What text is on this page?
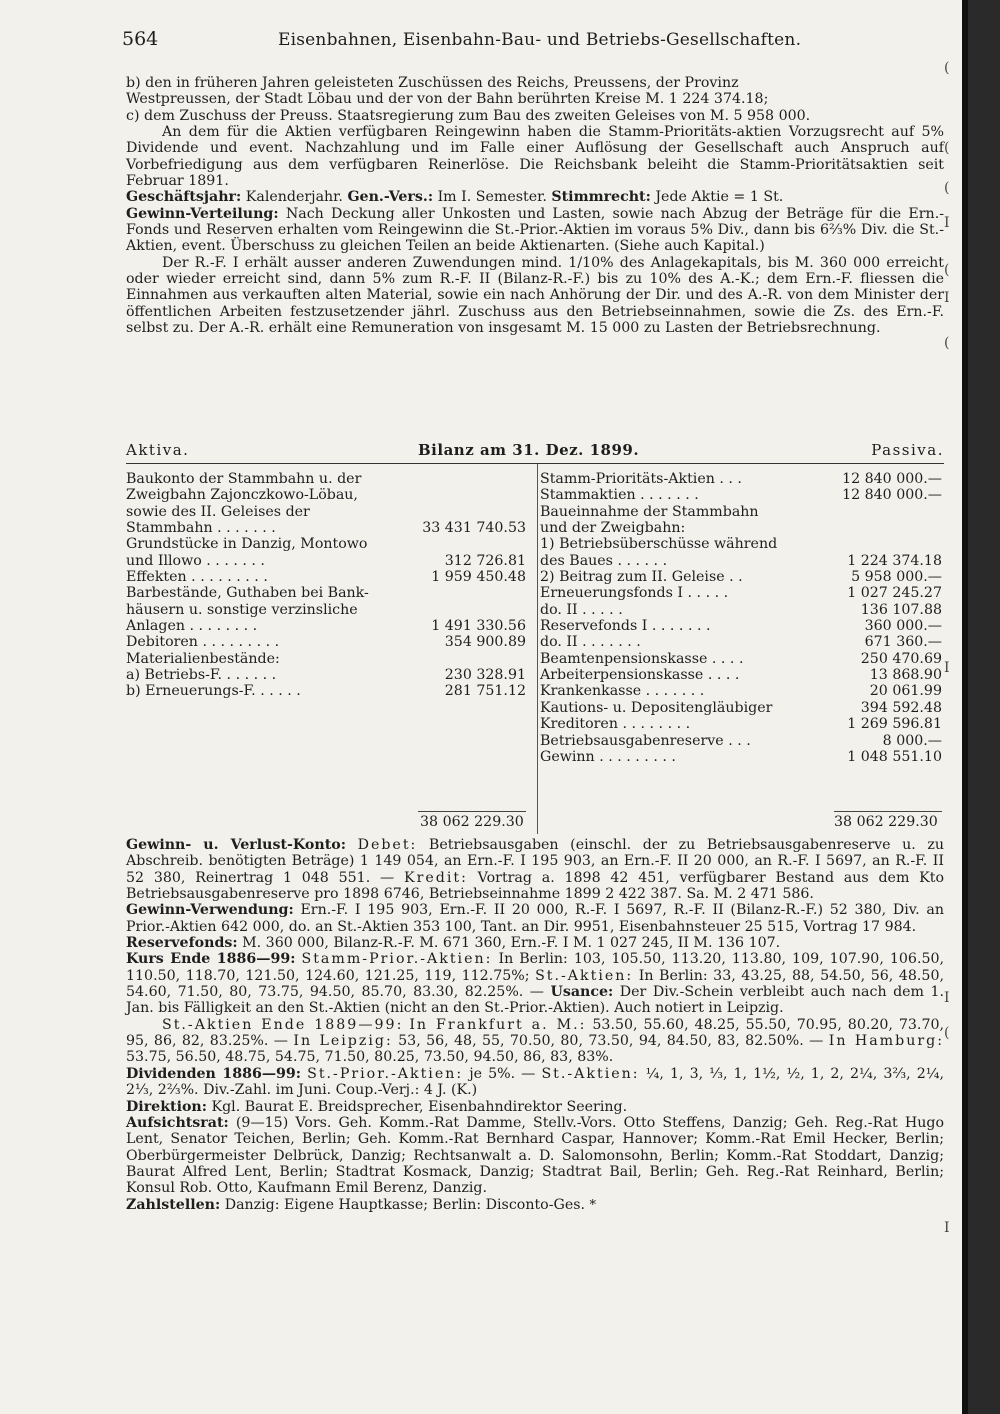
564	Eisenbahnen, Eisenbahn-Bau- und Betriebs-Gesellschaften.

b) den in früheren Jahren geleisteten Zuschüssen des Reichs, Preussens, der Provinz

Westpreussen, der Stadt Löbau und der von der Bahn berührten Kreise M. 1 224 374.18;

c) dem Zuschuss der Preuss. Staatsregierung zum Bau des zweiten Geleises von M. 5 958 000.

An dem für die Aktien verfügbaren Reingewinn haben die Stamm-Prioritäts-aktien Vorzugsrecht auf 5% Dividende und event. Nachzahlung und im Falle einer Auflösung der Gesellschaft auch Anspruch auf Vorbefriedigung aus dem verfügbaren Reinerlöse. Die Reichsbank beleiht die Stamm-Prioritätsaktien seit Februar 1891.

Geschäftsjahr: Kalenderjahr. Gen.-Vers.: Im I. Semester. Stimmrecht: Jede Aktie = 1 St.

Gewinn-Verteilung: Nach Deckung aller Unkosten und Lasten, sowie nach Abzug der Beträge für die Ern.-Fonds und Reserven erhalten vom Reingewinn die St.-Prior.-Aktien im voraus 5% Div., dann bis 6⅔% Div. die St.-Aktien, event. Überschuss zu gleichen Teilen an beide Aktienarten. (Siehe auch Kapital.)

Der R.-F. I erhält ausser anderen Zuwendungen mind. 1/10% des Anlagekapitals, bis M. 360 000 erreicht oder wieder erreicht sind, dann 5% zum R.-F. II (Bilanz-R.-F.) bis zu 10% des A.-K.; dem Ern.-F. fliessen die Einnahmen aus verkauften alten Material, sowie ein nach Anhörung der Dir. und des A.-R. von dem Minister der öffentlichen Arbeiten festzusetzender jährl. Zuschuss aus den Betriebseinnahmen, sowie die Zs. des Ern.-F. selbst zu. Der A.-R. erhält eine Remuneration von insgesamt M. 15 000 zu Lasten der Betriebsrechnung.

Aktiva.	Bilanz am 31. Dez. 1899.	Passiva.
Baukonto der Stammbahn u. der
Zweigbahn Zajonczkowo-Löbau,
sowie des II. Geleises der
Stammbahn . . . . . . .	33 431 740.53
Grundstücke in Danzig, Montowo
und Illowo . . . . . . .	312 726.81
Effekten . . . . . . . . .	1 959 450.48
Barbestände, Guthaben bei Bank-
häusern u. sonstige verzinsliche
Anlagen . . . . . . . .	1 491 330.56
Debitoren . . . . . . . . .	354 900.89
Materialienbestände:
a) Betriebs-F. . . . . . .	230 328.91
b) Erneuerungs-F. . . . . .	281 751.12
Stamm-Prioritäts-Aktien . . .	12 840 000.—
Stammaktien . . . . . . .	12 840 000.—
Baueinnahme der Stammbahn
und der Zweigbahn:
1) Betriebsüberschüsse während
des Baues . . . . . .	1 224 374.18
2) Beitrag zum II. Geleise . .	5 958 000.—
Erneuerungsfonds I . . . . .	1 027 245.27
do. II . . . . .	136 107.88
Reservefonds I . . . . . . .	360 000.—
do. II . . . . . . .	671 360.—
Beamtenpensionskasse . . . .	250 470.69
Arbeiterpensionskasse . . . .	13 868.90
Krankenkasse . . . . . . .	20 061.99
Kautions- u. Depositengläubiger	394 592.48
Kreditoren . . . . . . . .	1 269 596.81
Betriebsausgabenreserve . . .	8 000.—
Gewinn . . . . . . . . .	1 048 551.10
38 062 229.30	38 062 229.30

Gewinn- u. Verlust-Konto: Debet: Betriebsausgaben (einschl. der zu Betriebsausgabenreserve u. zu Abschreib. benötigten Beträge) 1 149 054, an Ern.-F. I 195 903, an Ern.-F. II 20 000, an R.-F. I 5697, an R.-F. II 52 380, Reinertrag 1 048 551. — Kredit: Vortrag a. 1898 42 451, verfügbarer Bestand aus dem Kto Betriebsausgabenreserve pro 1898 6746, Betriebseinnahme 1899 2 422 387. Sa. M. 2 471 586.

Gewinn-Verwendung: Ern.-F. I 195 903, Ern.-F. II 20 000, R.-F. I 5697, R.-F. II (Bilanz-R.-F.) 52 380, Div. an Prior.-Aktien 642 000, do. an St.-Aktien 353 100, Tant. an Dir. 9951, Eisenbahnsteuer 25 515, Vortrag 17 984.

Reservefonds: M. 360 000, Bilanz-R.-F. M. 671 360, Ern.-F. I M. 1 027 245, II M. 136 107.

Kurs Ende 1886—99: Stamm-Prior.-Aktien: In Berlin: 103, 105.50, 113.20, 113.80, 109, 107.90, 106.50, 110.50, 118.70, 121.50, 124.60, 121.25, 119, 112.75%; St.-Aktien: In Berlin: 33, 43.25, 88, 54.50, 56, 48.50, 54.60, 71.50, 80, 73.75, 94.50, 85.70, 83.30, 82.25%. — Usance: Der Div.-Schein verbleibt auch nach dem 1. Jan. bis Fälligkeit an den St.-Aktien (nicht an den St.-Prior.-Aktien). Auch notiert in Leipzig.

St.-Aktien Ende 1889—99: In Frankfurt a. M.: 53.50, 55.60, 48.25, 55.50, 70.95, 80.20, 73.70, 95, 86, 82, 83.25%. — In Leipzig: 53, 56, 48, 55, 70.50, 80, 73.50, 94, 84.50, 83, 82.50%. — In Hamburg: 53.75, 56.50, 48.75, 54.75, 71.50, 80.25, 73.50, 94.50, 86, 83, 83%.

Dividenden 1886—99: St.-Prior.-Aktien: je 5%. — St.-Aktien: ¼, 1, 3, ⅓, 1, 1½, ½, 1, 2, 2¼, 3⅔, 2¼, 2⅓, 2⅔%. Div.-Zahl. im Juni. Coup.-Verj.: 4 J. (K.)

Direktion: Kgl. Baurat E. Breidsprecher, Eisenbahndirektor Seering.

Aufsichtsrat: (9—15) Vors. Geh. Komm.-Rat Damme, Stellv.-Vors. Otto Steffens, Danzig; Geh. Reg.-Rat Hugo Lent, Senator Teichen, Berlin; Geh. Komm.-Rat Bernhard Caspar, Hannover; Komm.-Rat Emil Hecker, Berlin; Oberbürgermeister Delbrück, Danzig; Rechtsanwalt a. D. Salomonsohn, Berlin; Komm.-Rat Stoddart, Danzig; Baurat Alfred Lent, Berlin; Stadtrat Kosmack, Danzig; Stadtrat Bail, Berlin; Geh. Reg.-Rat Reinhard, Berlin; Konsul Rob. Otto, Kaufmann Emil Berenz, Danzig.

Zahlstellen: Danzig: Eigene Hauptkasse; Berlin: Disconto-Ges. *

(
(
(
I
(
I
(
I
I
(
I
